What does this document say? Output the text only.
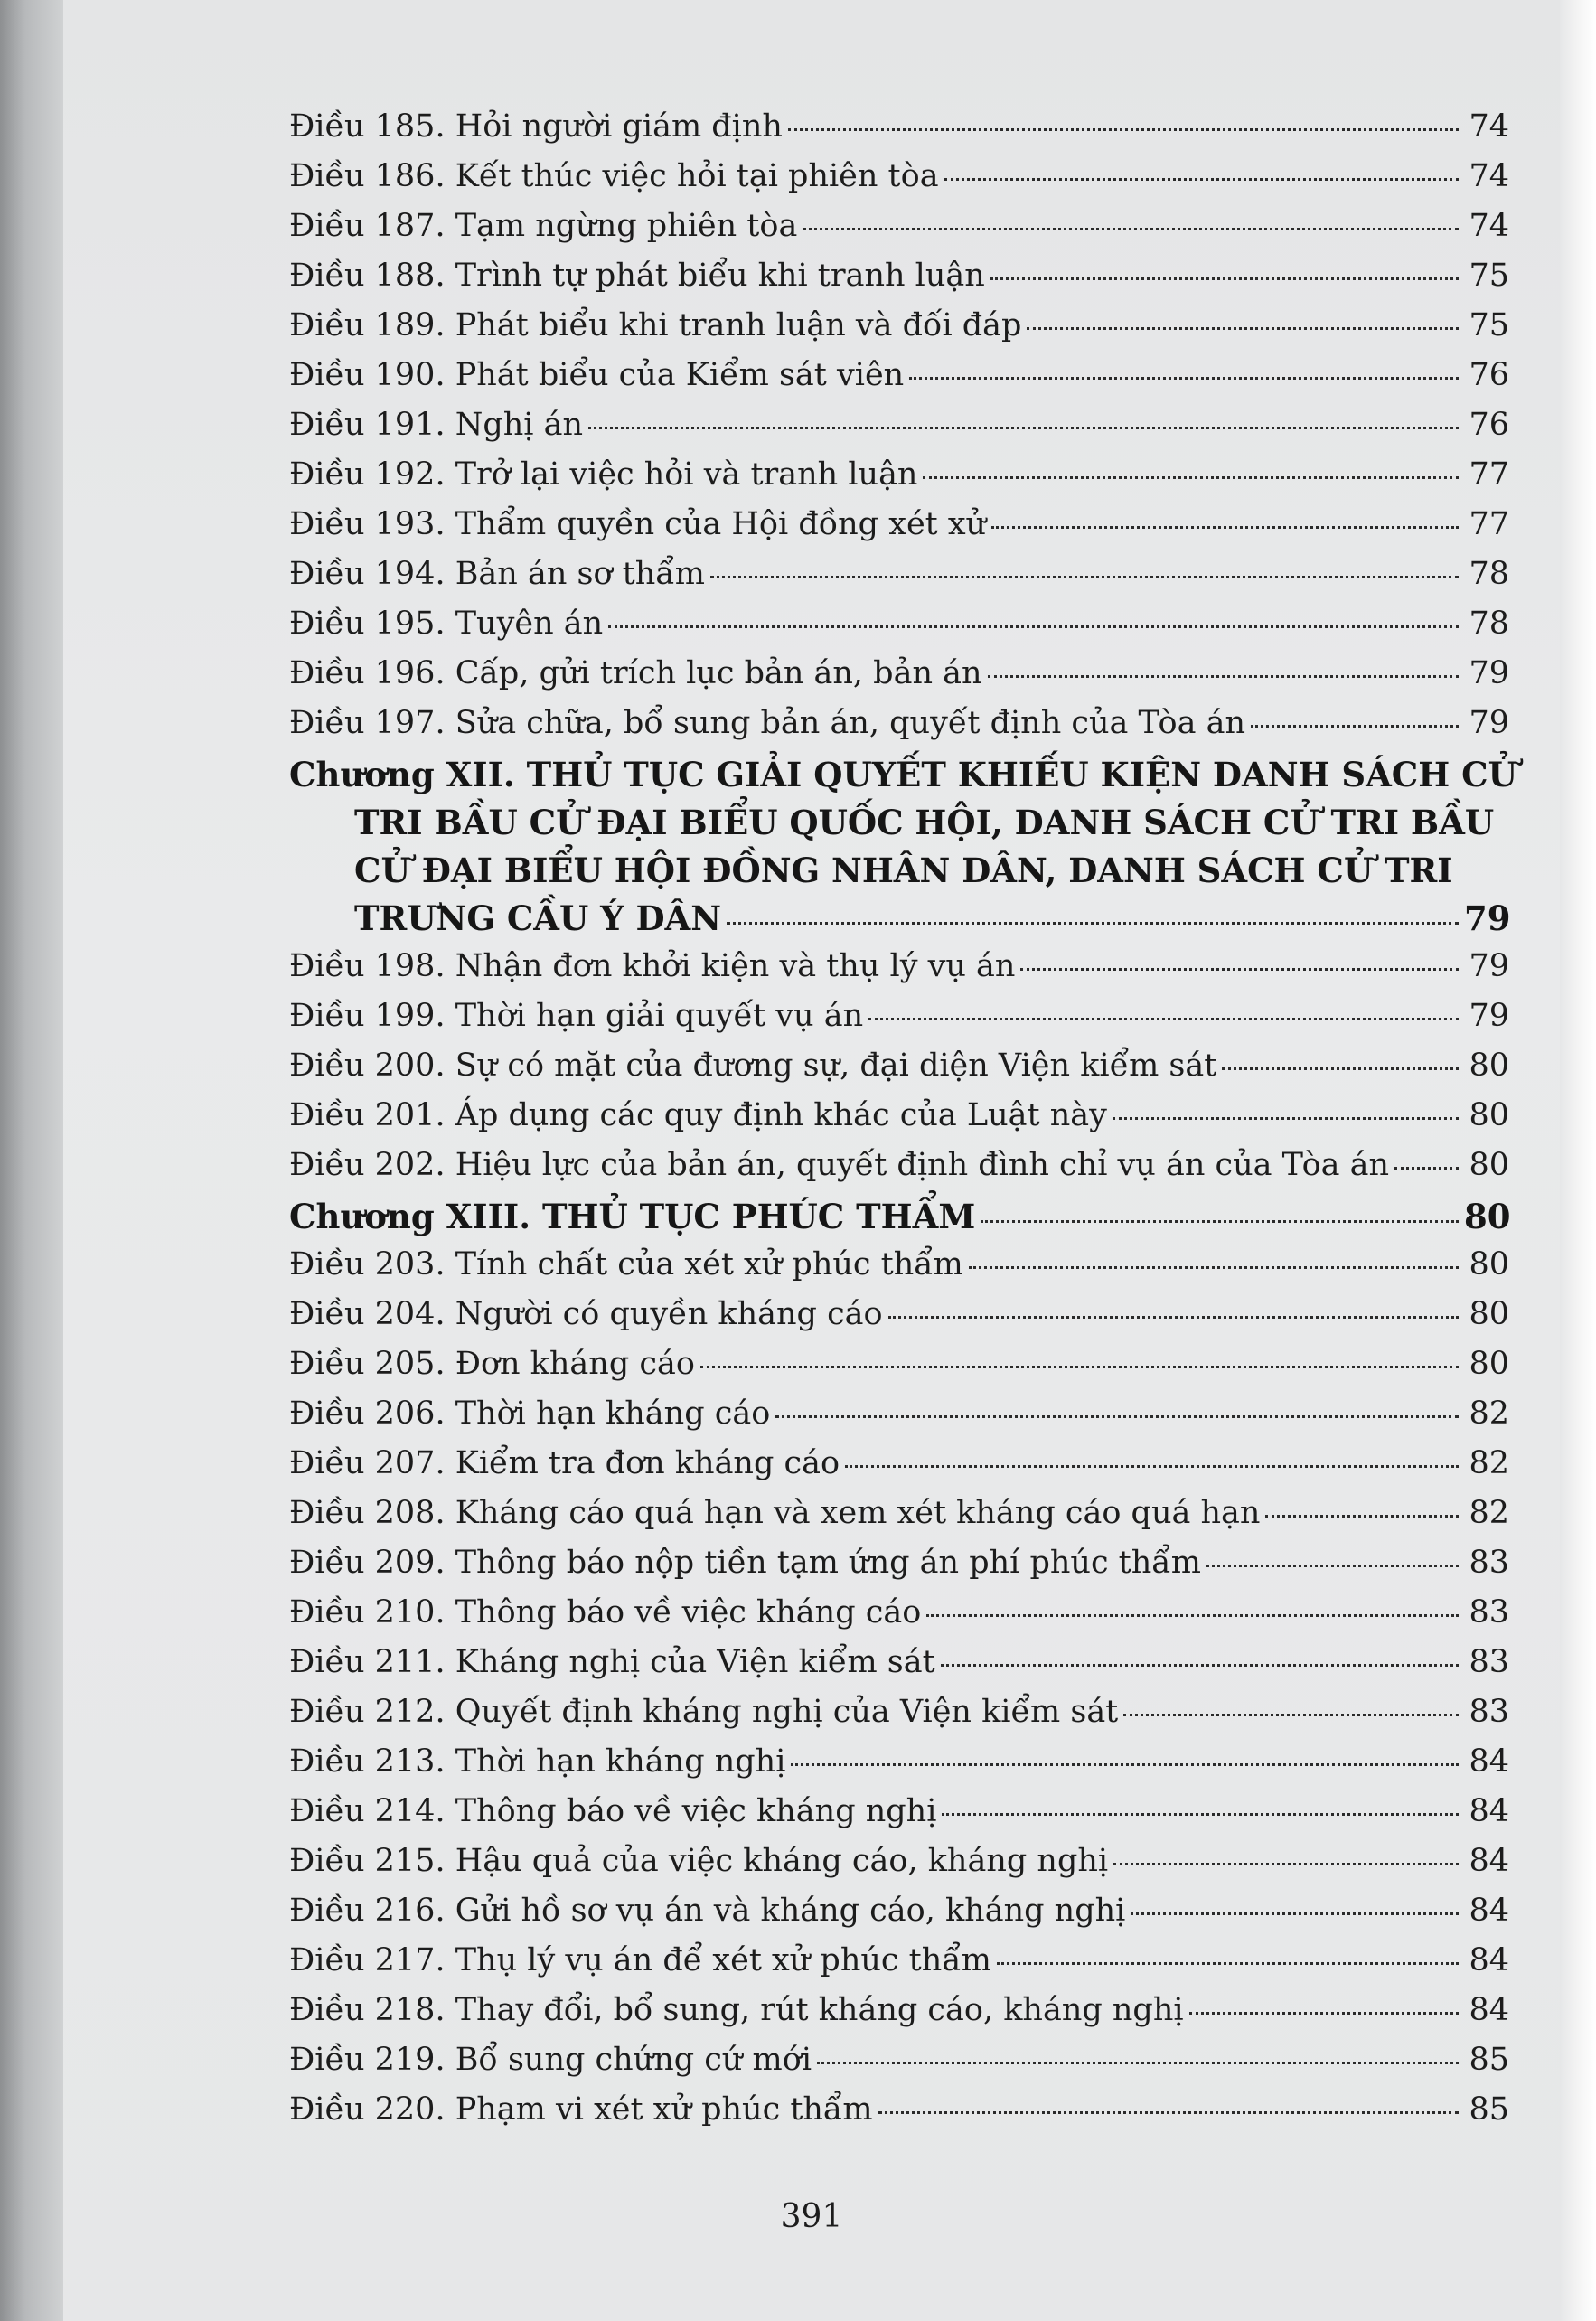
Điều 185. Hỏi người giám định	74
Điều 186. Kết thúc việc hỏi tại phiên tòa	74
Điều 187. Tạm ngừng phiên tòa	74
Điều 188. Trình tự phát biểu khi tranh luận	75
Điều 189. Phát biểu khi tranh luận và đối đáp	75
Điều 190. Phát biểu của Kiểm sát viên	76
Điều 191. Nghị án	76
Điều 192. Trở lại việc hỏi và tranh luận	77
Điều 193. Thẩm quyền của Hội đồng xét xử	77
Điều 194. Bản án sơ thẩm	78
Điều 195. Tuyên án	78
Điều 196. Cấp, gửi trích lục bản án, bản án	79
Điều 197. Sửa chữa, bổ sung bản án, quyết định của Tòa án	79
Chương XII. THỦ TỤC GIẢI QUYẾT KHIẾU KIỆN DANH SÁCH CỬ
TRI BẦU CỬ ĐẠI BIỂU QUỐC HỘI, DANH SÁCH CỬ TRI BẦU
CỬ ĐẠI BIỂU HỘI ĐỒNG NHÂN DÂN, DANH SÁCH CỬ TRI
TRƯNG CẦU Ý DÂN	79
Điều 198. Nhận đơn khởi kiện và thụ lý vụ án	79
Điều 199. Thời hạn giải quyết vụ án	79
Điều 200. Sự có mặt của đương sự, đại diện Viện kiểm sát	80
Điều 201. Áp dụng các quy định khác của Luật này	80
Điều 202. Hiệu lực của bản án, quyết định đình chỉ vụ án của Tòa án	80
Chương XIII. THỦ TỤC PHÚC THẨM	80
Điều 203. Tính chất của xét xử phúc thẩm	80
Điều 204. Người có quyền kháng cáo	80
Điều 205. Đơn kháng cáo	80
Điều 206. Thời hạn kháng cáo	82
Điều 207. Kiểm tra đơn kháng cáo	82
Điều 208. Kháng cáo quá hạn và xem xét kháng cáo quá hạn	82
Điều 209. Thông báo nộp tiền tạm ứng án phí phúc thẩm	83
Điều 210. Thông báo về việc kháng cáo	83
Điều 211. Kháng nghị của Viện kiểm sát	83
Điều 212. Quyết định kháng nghị của Viện kiểm sát	83
Điều 213. Thời hạn kháng nghị	84
Điều 214. Thông báo về việc kháng nghị	84
Điều 215. Hậu quả của việc kháng cáo, kháng nghị	84
Điều 216. Gửi hồ sơ vụ án và kháng cáo, kháng nghị	84
Điều 217. Thụ lý vụ án để xét xử phúc thẩm	84
Điều 218. Thay đổi, bổ sung, rút kháng cáo, kháng nghị	84
Điều 219. Bổ sung chứng cứ mới	85
Điều 220. Phạm vi xét xử phúc thẩm	85
391
